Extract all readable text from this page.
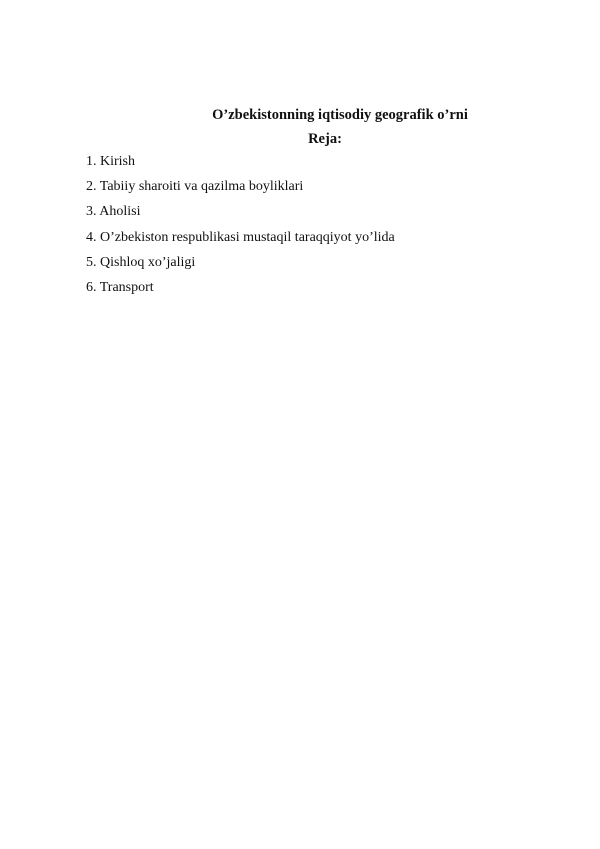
O’zbekistonning iqtisodiy geografik o’rni
Reja:
1. Kirish
2. Tabiiy sharoiti va qazilma boyliklari
3. Aholisi
4. O’zbekiston respublikasi mustaqil taraqqiyot yo’lida
5. Qishloq xo’jaligi
6. Transport
